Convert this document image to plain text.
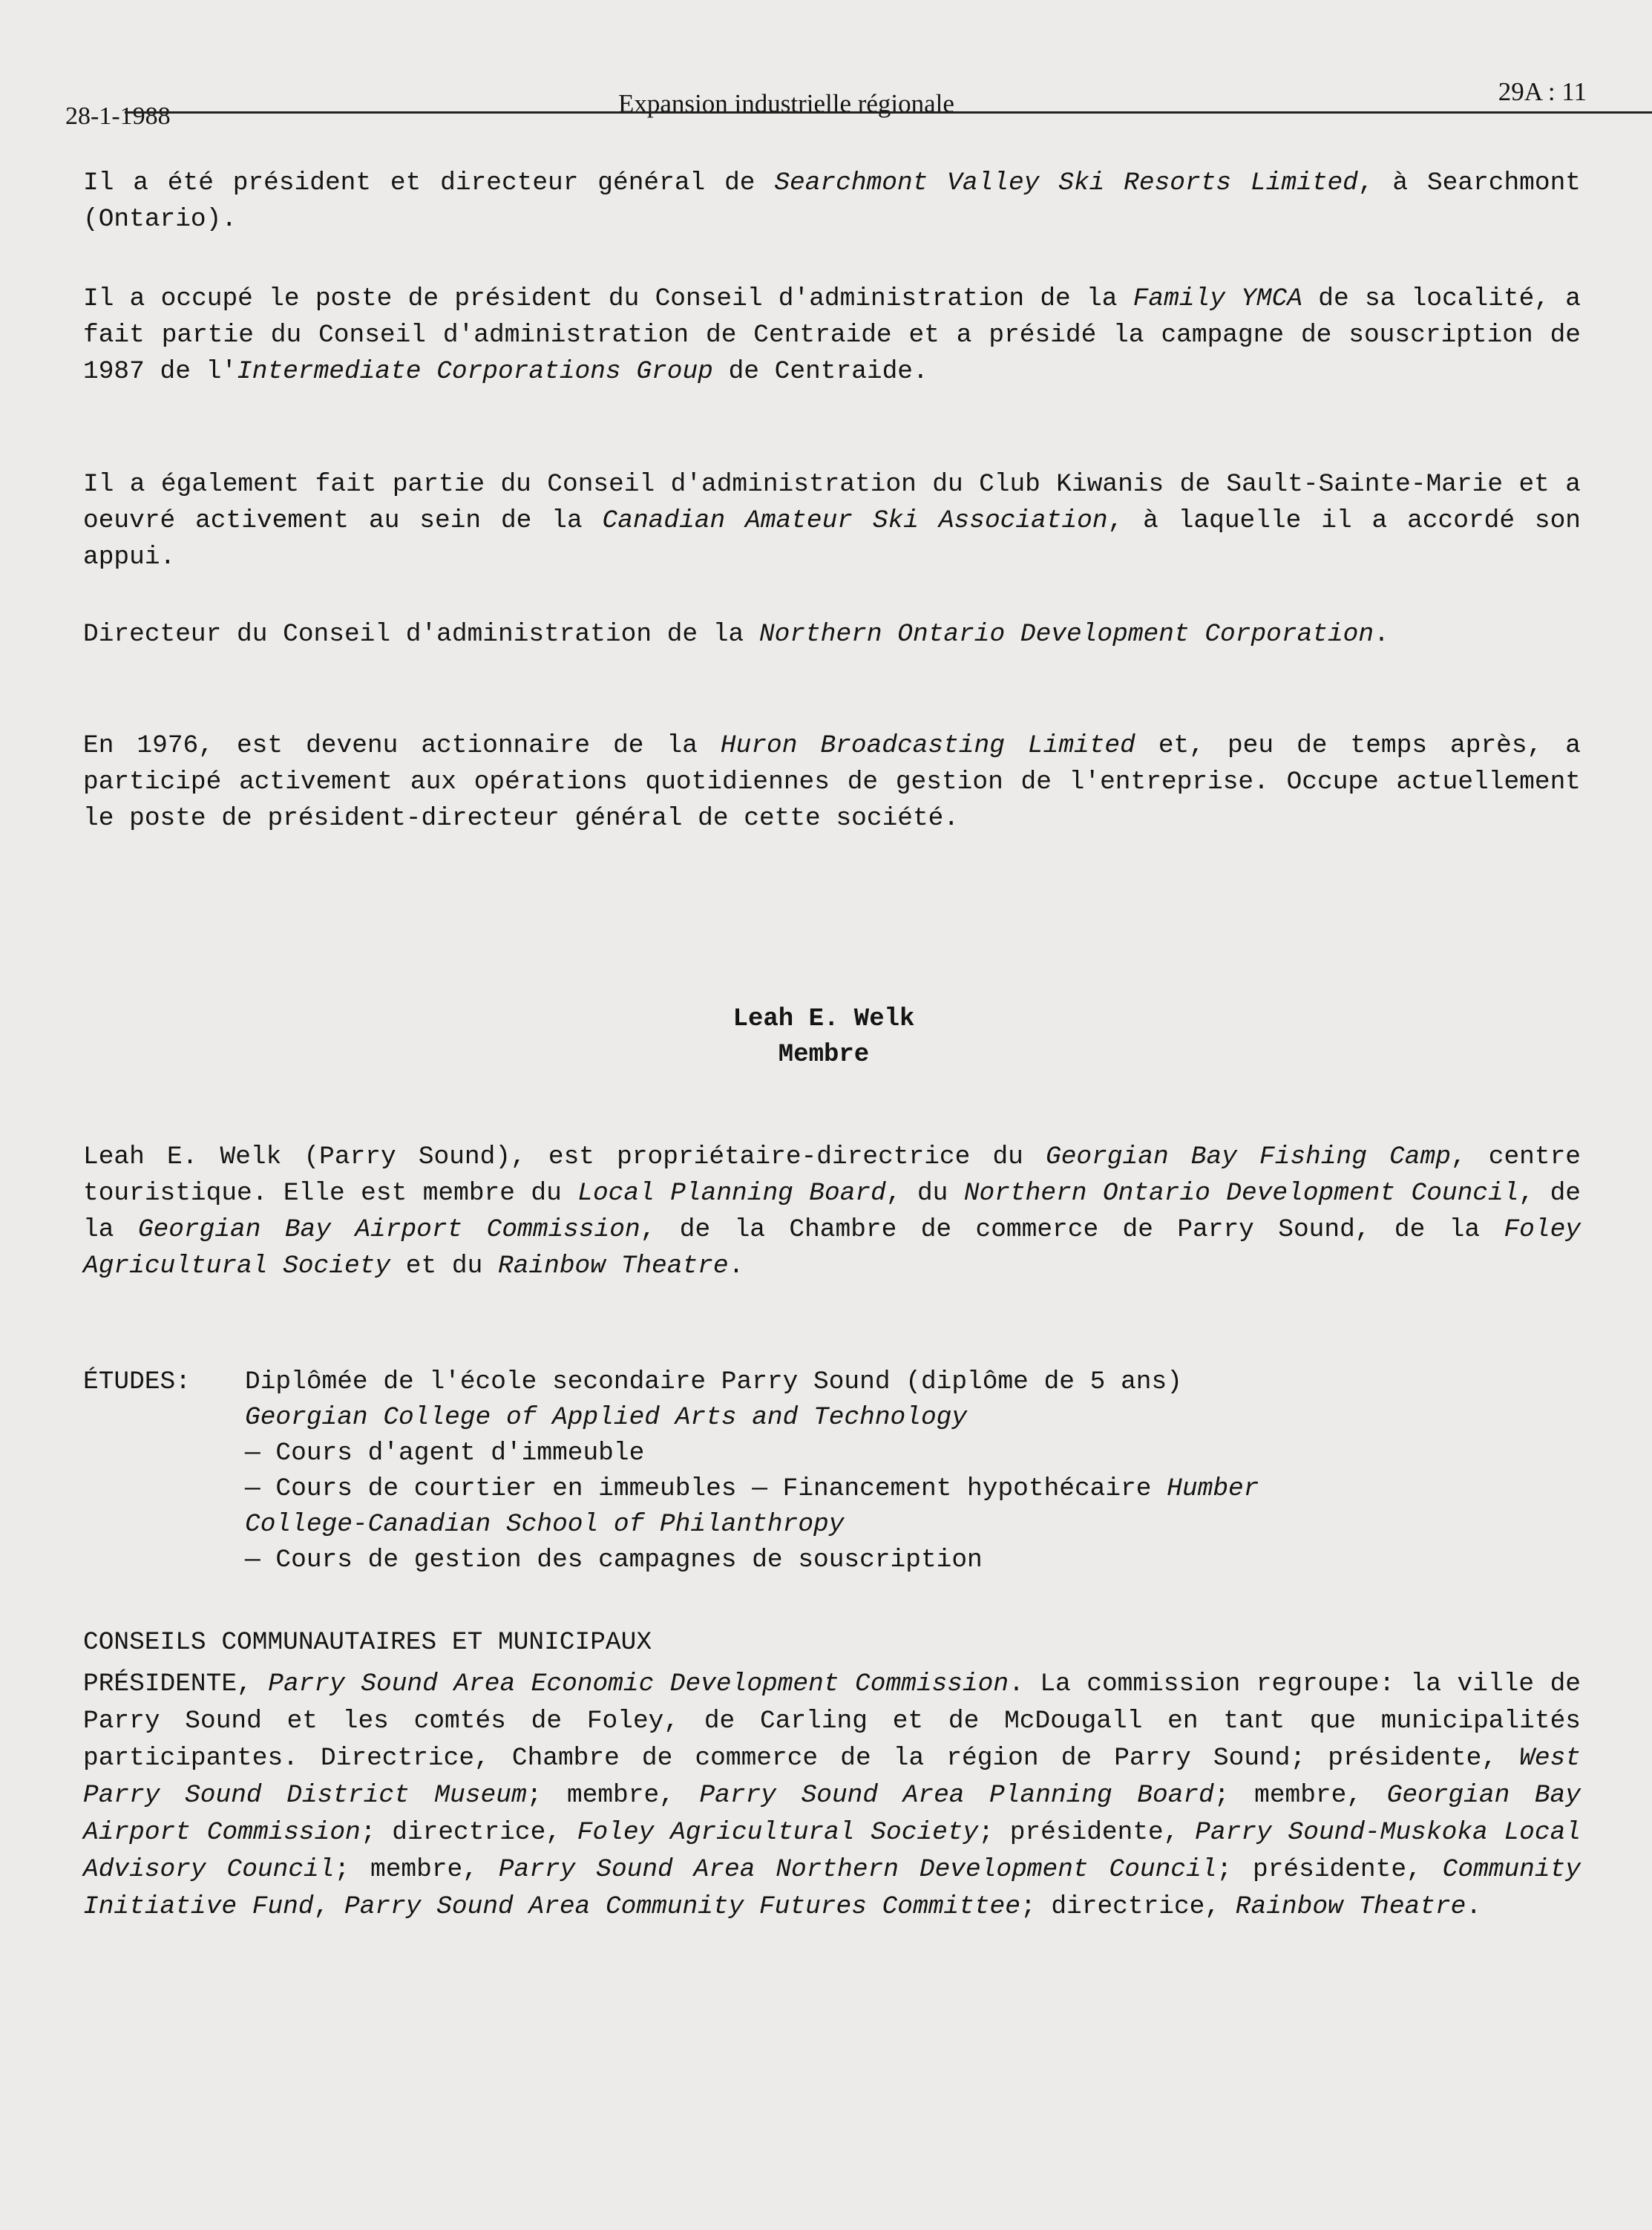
28-1-1988	Expansion industrielle régionale	29A : 11

Il a été président et directeur général de Searchmont Valley Ski Resorts Limited, à Searchmont (Ontario).

Il a occupé le poste de président du Conseil d'administration de la Family YMCA de sa localité, a fait partie du Conseil d'administration de Centraide et a présidé la campagne de souscription de 1987 de l'Intermediate Corporations Group de Centraide.

Il a également fait partie du Conseil d'administration du Club Kiwanis de Sault-Sainte-Marie et a oeuvré activement au sein de la Canadian Amateur Ski Association, à laquelle il a accordé son appui.

Directeur du Conseil d'administration de la Northern Ontario Development Corporation.

En 1976, est devenu actionnaire de la Huron Broadcasting Limited et, peu de temps après, a participé activement aux opérations quotidiennes de gestion de l'entreprise. Occupe actuellement le poste de président-directeur général de cette société.

Leah E. Welk
Membre

Leah E. Welk (Parry Sound), est propriétaire-directrice du Georgian Bay Fishing Camp, centre touristique. Elle est membre du Local Planning Board, du Northern Ontario Development Council, de la Georgian Bay Airport Commission, de la Chambre de commerce de Parry Sound, de la Foley Agricultural Society et du Rainbow Theatre.

ÉTUDES: Diplômée de l'école secondaire Parry Sound (diplôme de 5 ans)
Georgian College of Applied Arts and Technology
— Cours d'agent d'immeuble
— Cours de courtier en immeubles — Financement hypothécaire Humber
College-Canadian School of Philanthropy
— Cours de gestion des campagnes de souscription

CONSEILS COMMUNAUTAIRES ET MUNICIPAUX

PRÉSIDENTE, Parry Sound Area Economic Development Commission. La commission regroupe: la ville de Parry Sound et les comtés de Foley, de Carling et de McDougall en tant que municipalités participantes. Directrice, Chambre de commerce de la région de Parry Sound; présidente, West Parry Sound District Museum; membre, Parry Sound Area Planning Board; membre, Georgian Bay Airport Commission; directrice, Foley Agricultural Society; présidente, Parry Sound-Muskoka Local Advisory Council; membre, Parry Sound Area Northern Development Council; présidente, Community Initiative Fund, Parry Sound Area Community Futures Committee; directrice, Rainbow Theatre.
